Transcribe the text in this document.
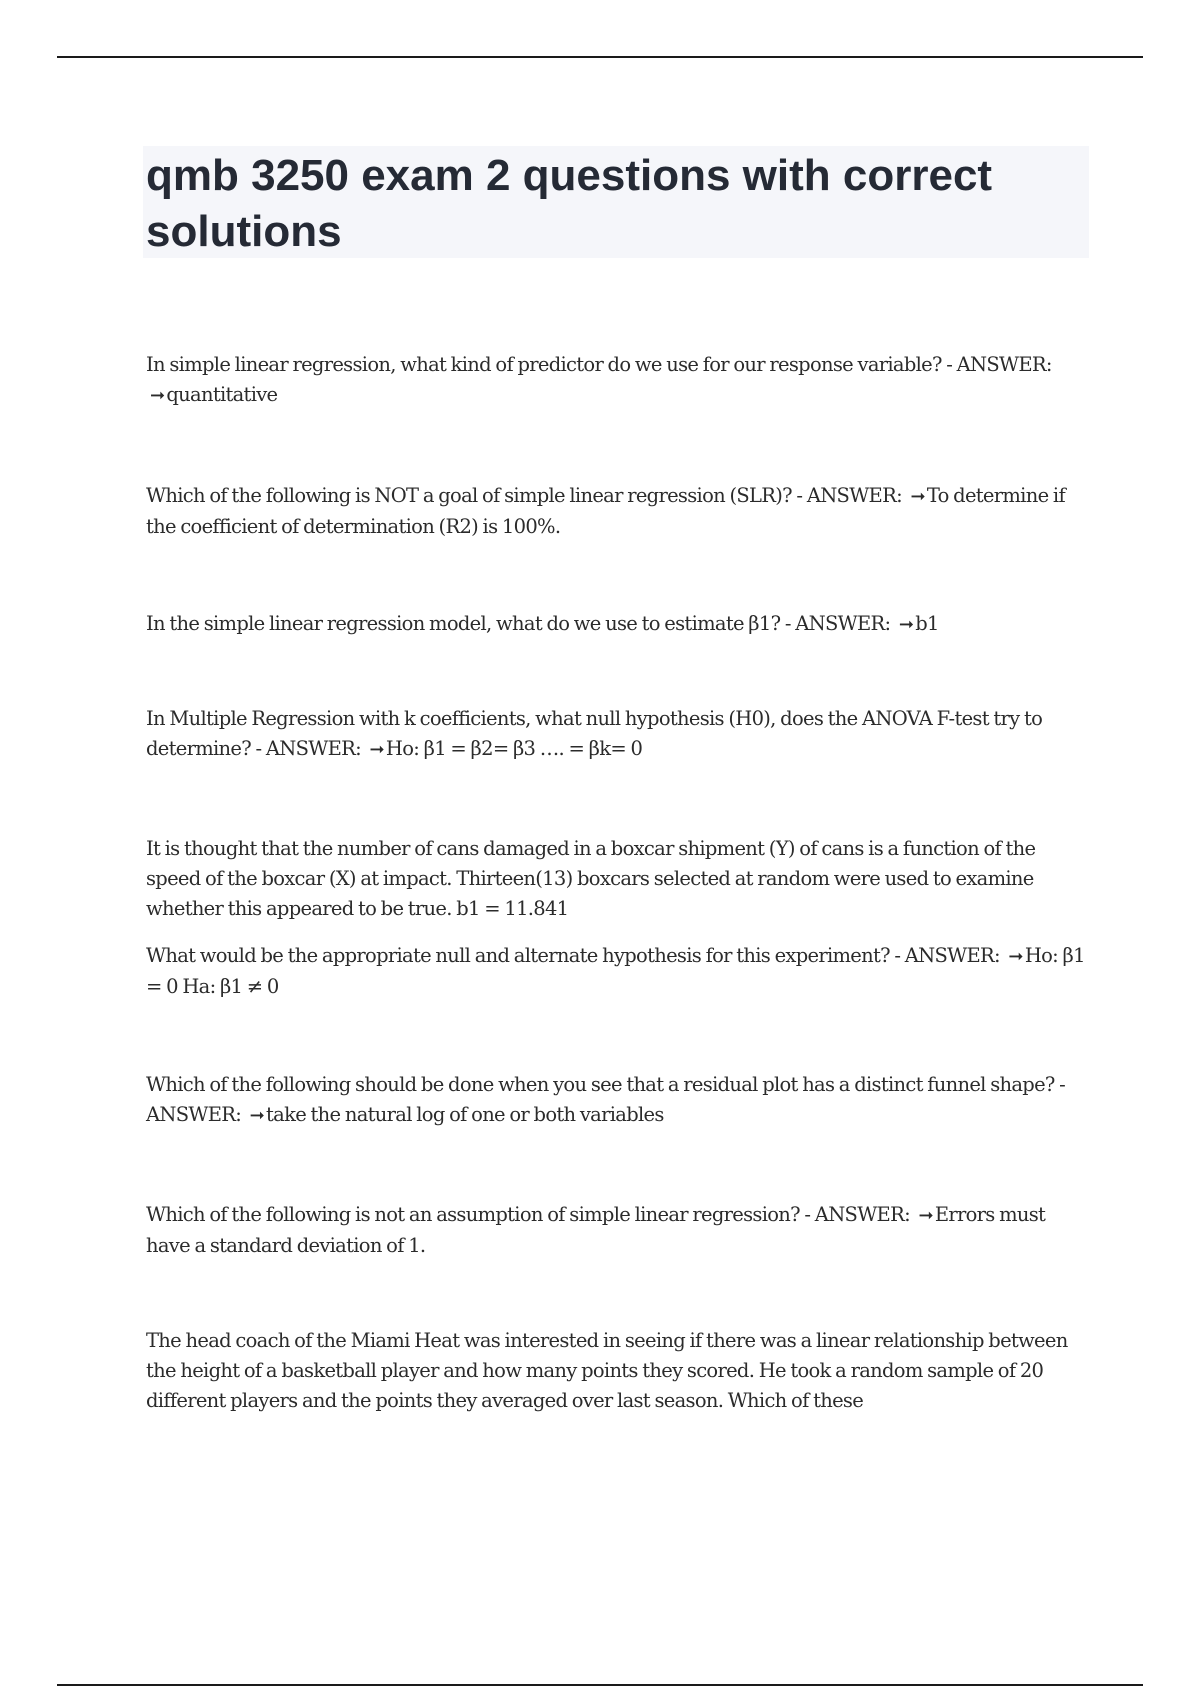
qmb 3250 exam 2 questions with correct solutions

In simple linear regression, what kind of predictor do we use for our response variable? - ANSWER: ➞ quantitative

Which of the following is NOT a goal of simple linear regression (SLR)? - ANSWER: ➞ To determine if the coefficient of determination (R2) is 100%.

In the simple linear regression model, what do we use to estimate β1? - ANSWER: ➞ b1

In Multiple Regression with k coefficients, what null hypothesis (H0), does the ANOVA F-test try to determine? - ANSWER: ➞ Ho: β1 = β2= β3 …. = βk= 0

It is thought that the number of cans damaged in a boxcar shipment (Y) of cans is a function of the speed of the boxcar (X) at impact. Thirteen(13) boxcars selected at random were used to examine whether this appeared to be true. b1 = 11.841

What would be the appropriate null and alternate hypothesis for this experiment? - ANSWER: ➞ Ho: β1 = 0 Ha: β1 ≠ 0

Which of the following should be done when you see that a residual plot has a distinct funnel shape? - ANSWER: ➞ take the natural log of one or both variables

Which of the following is not an assumption of simple linear regression? - ANSWER: ➞ Errors must have a standard deviation of 1.

The head coach of the Miami Heat was interested in seeing if there was a linear relationship between the height of a basketball player and how many points they scored. He took a random sample of 20 different players and the points they averaged over last season. Which of these
